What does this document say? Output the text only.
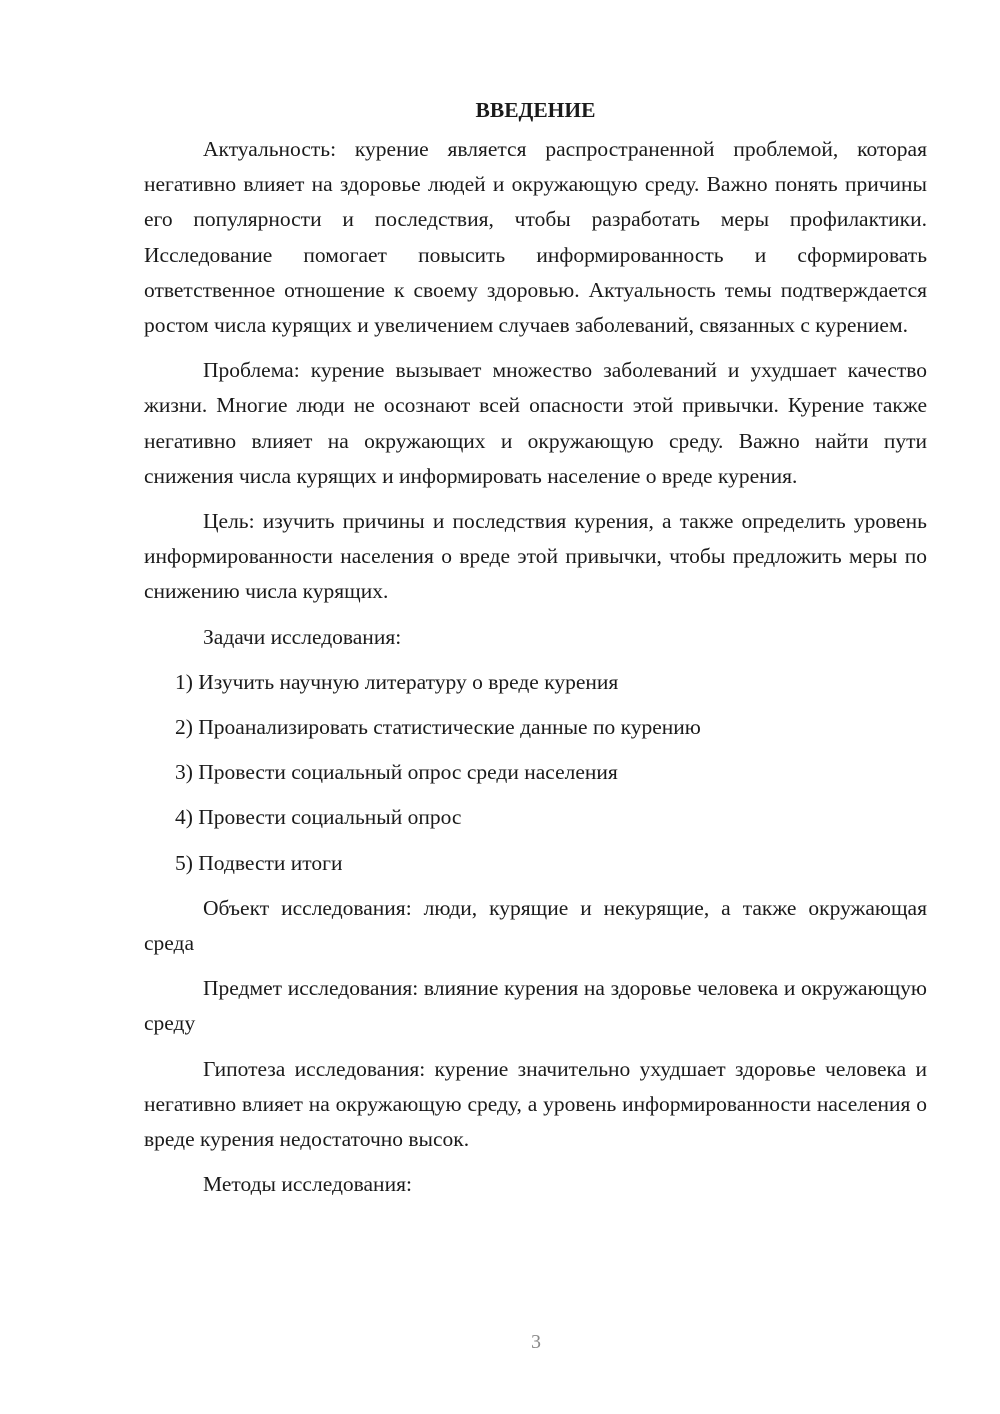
ВВЕДЕНИЕ

Актуальность: курение является распространенной проблемой, которая негативно влияет на здоровье людей и окружающую среду. Важно понять причины его популярности и последствия, чтобы разработать меры профилактики. Исследование помогает повысить информированность и сформировать ответственное отношение к своему здоровью. Актуальность темы подтверждается ростом числа курящих и увеличением случаев заболеваний, связанных с курением.

Проблема: курение вызывает множество заболеваний и ухудшает качество жизни. Многие люди не осознают всей опасности этой привычки. Курение также негативно влияет на окружающих и окружающую среду. Важно найти пути снижения числа курящих и информировать население о вреде курения.

Цель: изучить причины и последствия курения, а также определить уровень информированности населения о вреде этой привычки, чтобы предложить меры по снижению числа курящих.

Задачи исследования:

1) Изучить научную литературу о вреде курения
2) Проанализировать статистические данные по курению
3) Провести социальный опрос среди населения
4) Провести социальный опрос
5) Подвести итоги

Объект исследования: люди, курящие и некурящие, а также окружающая среда

Предмет исследования: влияние курения на здоровье человека и окружающую среду

Гипотеза исследования: курение значительно ухудшает здоровье человека и негативно влияет на окружающую среду, а уровень информированности населения о вреде курения недостаточно высок.

Методы исследования:

3
